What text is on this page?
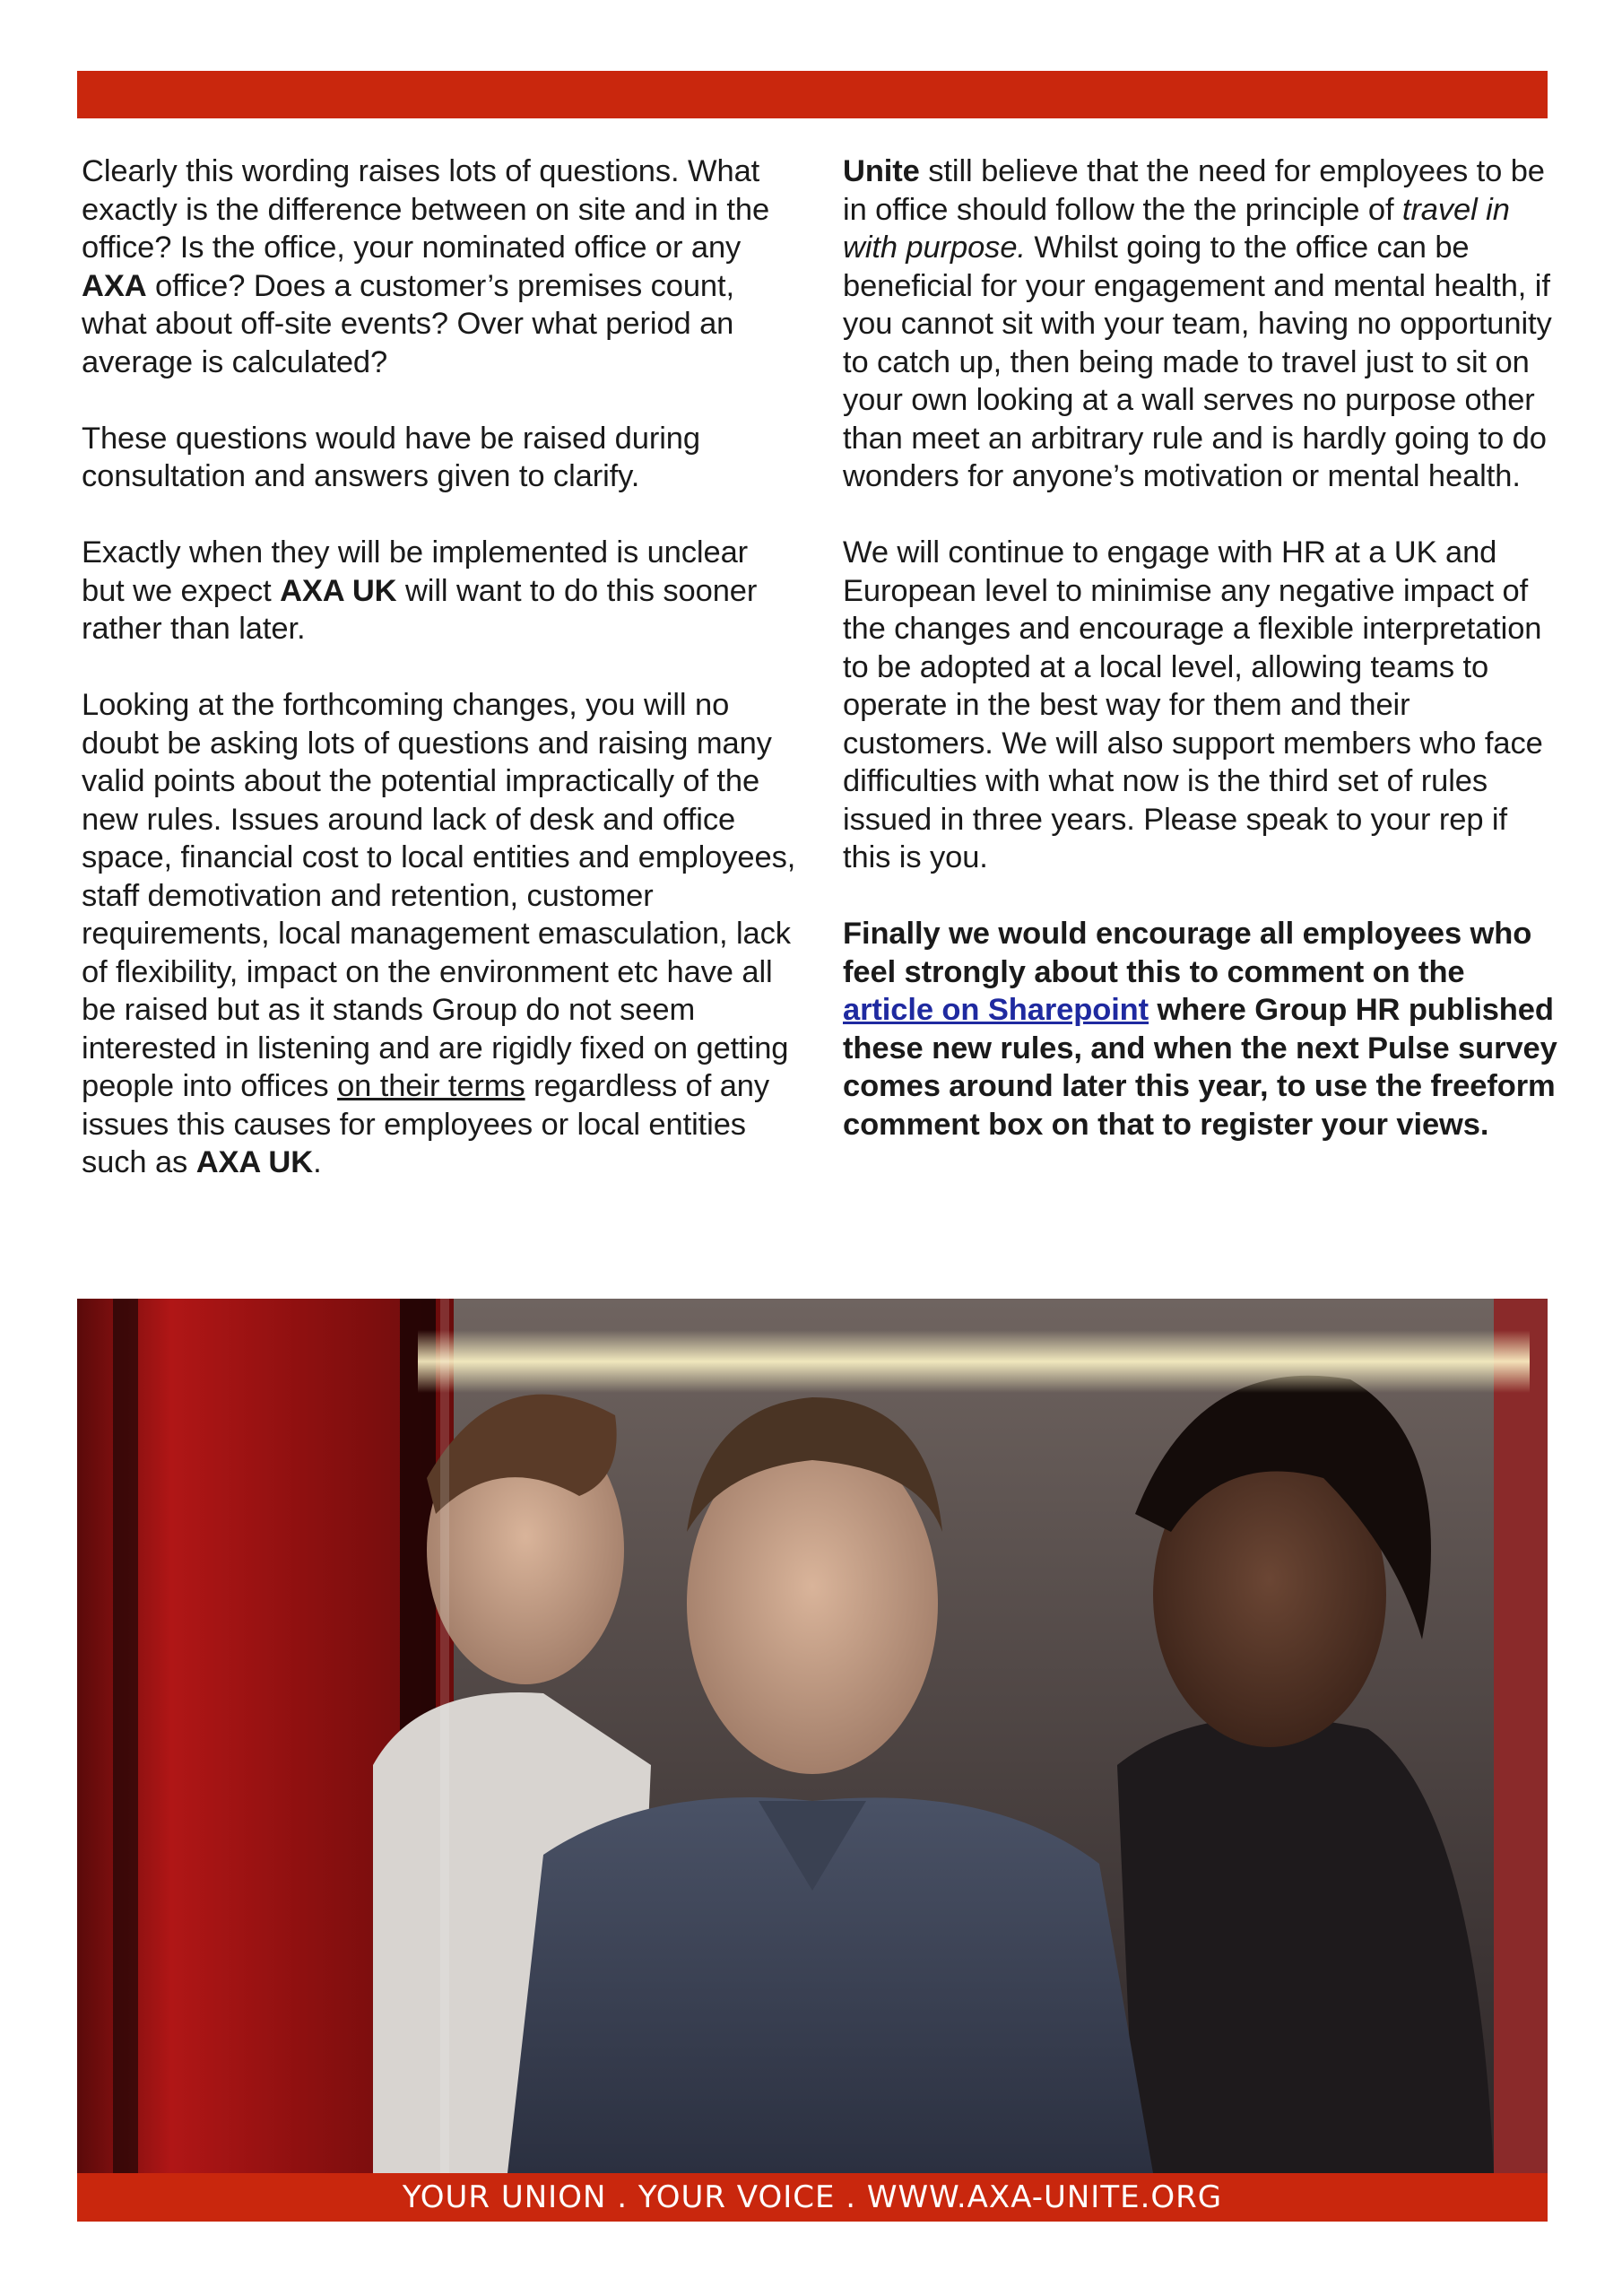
Clearly this wording raises lots of questions. What exactly is the difference between on site and in the office? Is the office, your nominated office or any AXA office? Does a customer’s premises count, what about off-site events? Over what period an average is calculated?

These questions would have be raised during consultation and answers given to clarify.

Exactly when they will be implemented is unclear but we expect AXA UK will want to do this sooner rather than later.

Looking at the forthcoming changes, you will no doubt be asking lots of questions and raising many valid points about the potential impractically of the new rules. Issues around lack of desk and office space, financial cost to local entities and employees, staff demotivation and retention, customer requirements, local management emasculation, lack of flexibility, impact on the environment etc have all be raised but as it stands Group do not seem interested in listening and are rigidly fixed on getting people into offices on their terms regardless of any issues this causes for employees or local entities such as AXA UK.

Unite still believe that the need for employees to be in office should follow the the principle of travel in with purpose. Whilst going to the office can be beneficial for your engagement and mental health, if you cannot sit with your team, having no opportunity to catch up, then being made to travel just to sit on your own looking at a wall serves no purpose other than meet an arbitrary rule and is hardly going to do wonders for anyone’s motivation or mental health.

We will continue to engage with HR at a UK and European level to minimise any negative impact of the changes and encourage a flexible interpretation to be adopted at a local level, allowing teams to operate in the best way for them and their customers. We will also support members who face difficulties with what now is the third set of rules issued in three years. Please speak to your rep if this is you.

Finally we would encourage all employees who feel strongly about this to comment on the article on Sharepoint where Group HR published these new rules, and when the next Pulse survey comes around later this year, to use the freeform comment box on that to register your views.

YOUR UNION . YOUR VOICE . WWW.AXA-UNITE.ORG
